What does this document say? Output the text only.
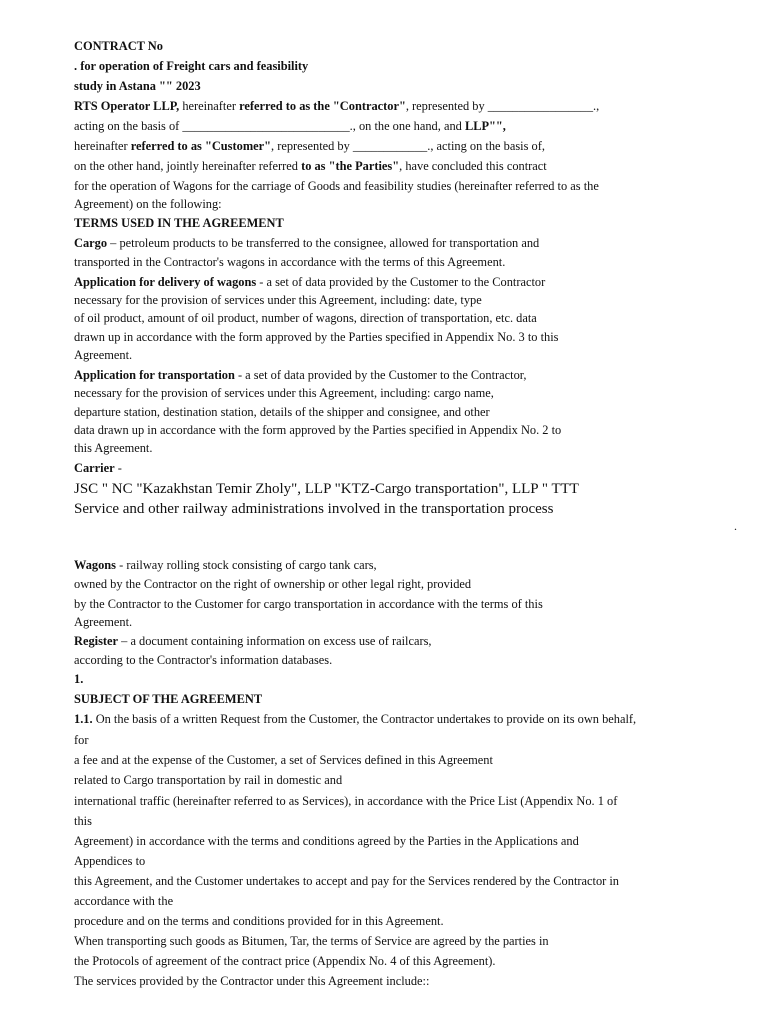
CONTRACT No

. for operation of Freight cars and feasibility

study in Astana "" 2023

RTS Operator LLP, hereinafter referred to as the "Contractor", represented by _________________.,

acting on the basis of ___________________________., on the one hand, and LLP"",

hereinafter referred to as "Customer", represented by ____________., acting on the basis of,

on the other hand, jointly hereinafter referred to as "the Parties", have concluded this contract

for the operation of Wagons for the carriage of Goods and feasibility studies (hereinafter referred to as the

Agreement) on the following:

TERMS USED IN THE AGREEMENT

Cargo – petroleum products to be transferred to the consignee, allowed for transportation and

transported in the Contractor's wagons in accordance with the terms of this Agreement.

Application for delivery of wagons - a set of data provided by the Customer to the Contractor

necessary for the provision of services under this Agreement, including: date, type

of oil product, amount of oil product, number of wagons, direction of transportation, etc. data

drawn up in accordance with the form approved by the Parties specified in Appendix No. 3 to this

Agreement.

Application for transportation - a set of data provided by the Customer to the Contractor,

necessary for the provision of services under this Agreement, including: cargo name,

departure station, destination station, details of the shipper and consignee, and other

data drawn up in accordance with the form approved by the Parties specified in Appendix No. 2 to

this Agreement.

Carrier -

JSC " NC "Kazakhstan Temir Zholy", LLP "KTZ-Cargo transportation", LLP " TTT

Service and other railway administrations involved in the transportation process

.

Wagons - railway rolling stock consisting of cargo tank cars,

owned by the Contractor on the right of ownership or other legal right, provided

by the Contractor to the Customer for cargo transportation in accordance with the terms of this

Agreement.

Register – a document containing information on excess use of railcars,

according to the Contractor's information databases.

1.

SUBJECT OF THE AGREEMENT

1.1. On the basis of a written Request from the Customer, the Contractor undertakes to provide on its own behalf,

for

a fee and at the expense of the Customer, a set of Services defined in this Agreement

related to Cargo transportation by rail in domestic and

international traffic (hereinafter referred to as Services), in accordance with the Price List (Appendix No. 1 of

this

Agreement) in accordance with the terms and conditions agreed by the Parties in the Applications and

Appendices to

this Agreement, and the Customer undertakes to accept and pay for the Services rendered by the Contractor in

accordance with the

procedure and on the terms and conditions provided for in this Agreement.

When transporting such goods as Bitumen, Tar, the terms of Service are agreed by the parties in

the Protocols of agreement of the contract price (Appendix No. 4 of this Agreement).

The services provided by the Contractor under this Agreement include::
